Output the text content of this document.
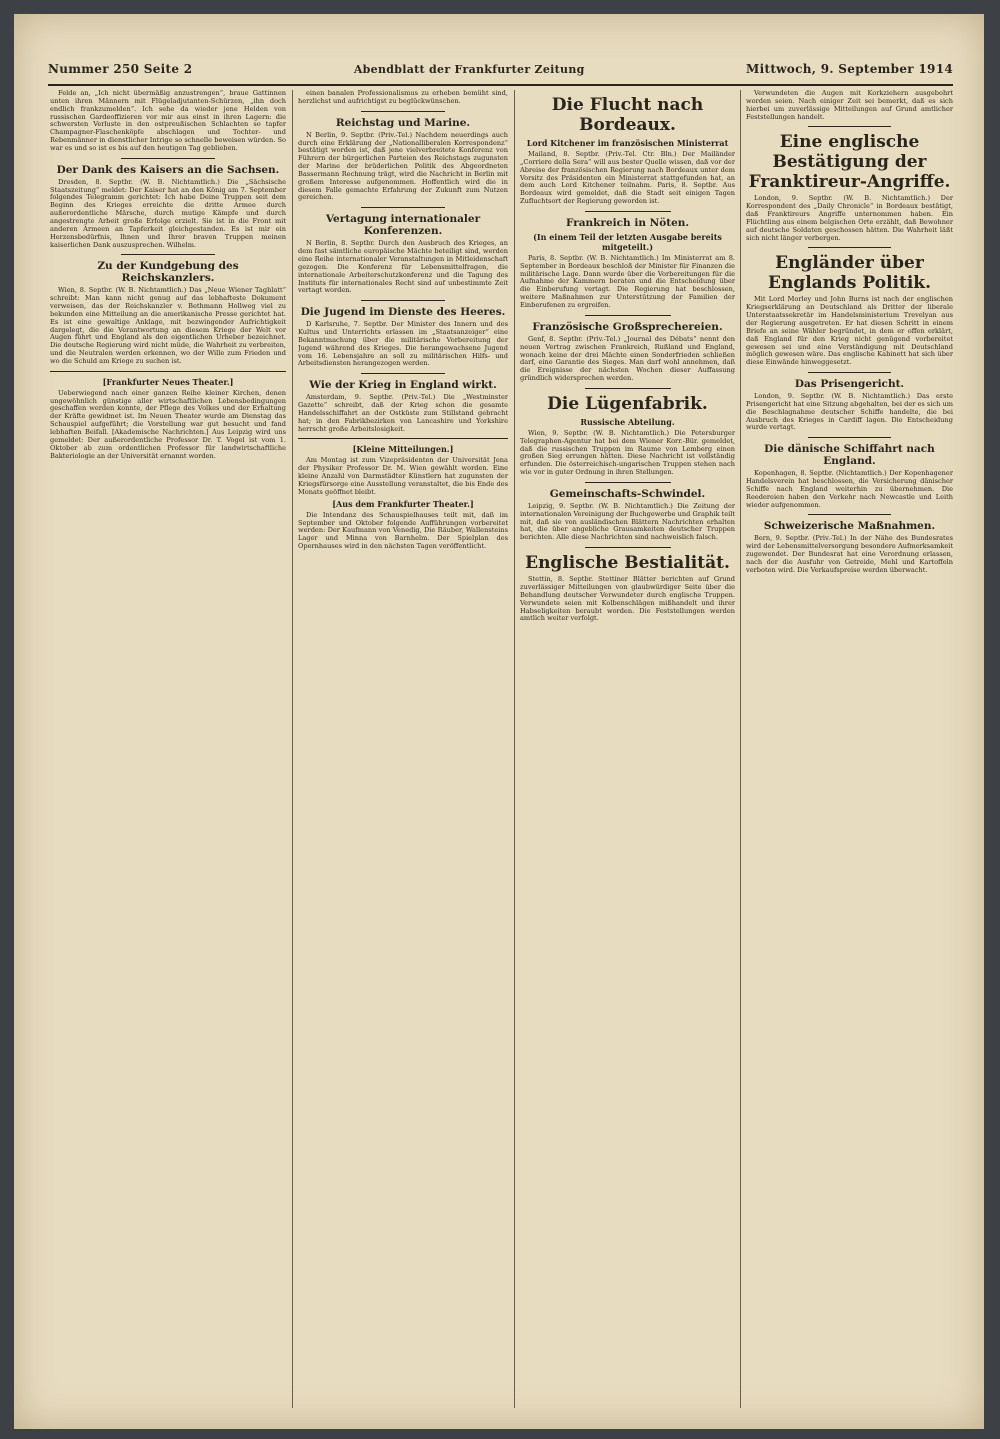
Nummer 250 Seite 2	Abendblatt der Frankfurter Zeitung	Mittwoch, 9. September 1914

Felde an, „Ich nicht übermäßig anzustrengen“, braue Gattinnen unten ihren Männern mit Flügeladjutanten-Schürzen, „ihn doch endlich frankzumelden“. Ich sehe da wieder jene Helden von russischen Gardeoffizieren vor mir aus einst in ihren Lagern: die schwersten Verluste in den ostpreußischen Schlachten so tapfer Champagner-Flaschenköpfe abschlagen und Tochter- und Rebenmänner in dienstlicher Intrige so schnelle beweisen würden. So war es und so ist es bis auf den heutigen Tag geblieben.

Der Dank des Kaisers an die Sachsen.

Dresden, 8. Septbr. (W. B. Nichtamtlich.) Die „Sächsische Staatszeitung“ meldet: Der Kaiser hat an den König am 7. September folgendes Telegramm gerichtet: Ich habe Deine Truppen seit dem Beginn des Krieges erreichte die dritte Armee durch außerordentliche Märsche, durch mutige Kämpfe und durch angestrengte Arbeit große Erfolge erzielt. Sie ist in die Front mit anderen Armeen an Tapferkeit gleichgestanden. Es ist mir ein Herzensbedürfnis, Ihnen und Ihrer braven Truppen meinen kaiserlichen Dank auszusprechen. Wilhelm.

Zu der Kundgebung des Reichskanzlers.

Wien, 8. Septbr. (W. B. Nichtamtlich.) Das „Neue Wiener Tagblatt“ schreibt: Man kann nicht genug auf das lebhafteste Dokument verweisen, das der Reichskanzler v. Bethmann Hollweg viel zu bekunden eine Mitteilung an die amerikanische Presse gerichtet hat. Es ist eine gewaltige Anklage, mit bezwingender Aufrichtigkeit dargelegt, die die Verantwortung an diesem Kriege der Welt vor Augen führt und England als den eigentlichen Urheber bezeichnet. Die deutsche Regierung wird nicht müde, die Wahrheit zu verbreiten, und die Neutralen werden erkennen, wo der Wille zum Frieden und wo die Schuld am Kriege zu suchen ist.

[Frankfurter Neues Theater.]

Ueberwiegend nach einer ganzen Reihe kleiner Kirchen, denen ungewöhnlich günstige aller wirtschaftlichen Lebensbedingungen geschaffen werden konnte, der Pflege des Volkes und der Erhaltung der Kräfte gewidmet ist. Im Neuen Theater wurde am Dienstag das Schauspiel aufgeführt; die Vorstellung war gut besucht und fand lebhaften Beifall. [Akademische Nachrichten.] Aus Leipzig wird uns gemeldet: Der außerordentliche Professor Dr. T. Vogel ist vom 1. Oktober ab zum ordentlichen Professor für landwirtschaftliche Bakteriologie an der Universität ernannt worden.

einen banalen Professionalismus zu erheben bemüht sind, herzlichst und aufrichtigst zu beglückwünschen.

Reichstag und Marine.

N Berlin, 9. Septbr. (Priv.-Tel.) Nachdem neuerdings auch durch eine Erklärung der „Nationalliberalen Korrespondenz“ bestätigt worden ist, daß jene vielverbreitete Konferenz von Führern der bürgerlichen Parteien des Reichstags zugunsten der Marine der brüderlichen Politik des Abgeordneten Bassermann Rechnung trägt, wird die Nachricht in Berlin mit großem Interesse aufgenommen. Hoffentlich wird die in diesem Falle gemachte Erfahrung der Zukunft zum Nutzen gereichen.

Vertagung internationaler Konferenzen.

N Berlin, 8. Septbr. Durch den Ausbruch des Krieges, an dem fast sämtliche europäische Mächte beteiligt sind, werden eine Reihe internationaler Veranstaltungen in Mitleidenschaft gezogen. Die Konferenz für Lebensmittelfragen, die internationale Arbeiterschutzkonferenz und die Tagung des Instituts für internationales Recht sind auf unbestimmte Zeit vertagt worden.

Die Jugend im Dienste des Heeres.

D Karlsruhe, 7. Septbr. Der Minister des Innern und des Kultus und Unterrichts erlassen im „Staatsanzeiger“ eine Bekanntmachung über die militärische Vorbereitung der Jugend während des Krieges. Die herangewachsene Jugend vom 16. Lebensjahre an soll zu militärischen Hilfs- und Arbeitsdiensten herangezogen werden.

Wie der Krieg in England wirkt.

Amsterdam, 9. Septbr. (Priv.-Tel.) Die „Westminster Gazette“ schreibt, daß der Krieg schon die gesamte Handelsschiffahrt an der Ostküste zum Stillstand gebracht hat; in den Fabrikbezirken von Lancashire und Yorkshire herrscht große Arbeitslosigkeit.

[Kleine Mitteilungen.]

Am Montag ist zum Vizepräsidenten der Universität Jena der Physiker Professor Dr. M. Wien gewählt worden. Eine kleine Anzahl von Darmstädter Künstlern hat zugunsten der Kriegsfürsorge eine Ausstellung veranstaltet, die bis Ende des Monats geöffnet bleibt.

[Aus dem Frankfurter Theater.]

Die Intendanz des Schauspielhauses teilt mit, daß im September und Oktober folgende Aufführungen vorbereitet werden: Der Kaufmann von Venedig, Die Räuber, Wallensteins Lager und Minna von Barnhelm. Der Spielplan des Opernhauses wird in den nächsten Tagen veröffentlicht.

Die Flucht nach Bordeaux.
Lord Kitchener im französischen Ministerrat

Mailand, 8. Septbr. (Priv.-Tel. Ctr. Bln.) Der Mailänder „Corriere della Sera“ will aus bester Quelle wissen, daß vor der Abreise der französischen Regierung nach Bordeaux unter dem Vorsitz des Präsidenten ein Ministerrat stattgefunden hat, an dem auch Lord Kitchener teilnahm. Paris, 8. Septbr. Aus Bordeaux wird gemeldet, daß die Stadt seit einigen Tagen Zufluchtsort der Regierung geworden ist.

Frankreich in Nöten.
(In einem Teil der letzten Ausgabe bereits mitgeteilt.)

Paris, 8. Septbr. (W. B. Nichtamtlich.) Im Ministerrat am 8. September in Bordeaux beschloß der Minister für Finanzen die militärische Lage. Dann wurde über die Vorbereitungen für die Aufnahme der Kammern beraten und die Entscheidung über die Einberufung vertagt. Die Regierung hat beschlossen, weitere Maßnahmen zur Unterstützung der Familien der Einberufenen zu ergreifen.

Französische Großsprechereien.

Genf, 8. Septbr. (Priv.-Tel.) „Journal des Débats“ nennt den neuen Vertrag zwischen Frankreich, Rußland und England, wonach keine der drei Mächte einen Sonderfrieden schließen darf, eine Garantie des Sieges. Man darf wohl annehmen, daß die Ereignisse der nächsten Wochen dieser Auffassung gründlich widersprechen werden.

Die Lügenfabrik.
Russische Abteilung.

Wien, 9. Septbr. (W. B. Nichtamtlich.) Die Petersburger Telegraphen-Agentur hat bei dem Wiener Korr.-Bür. gemeldet, daß die russischen Truppen im Raume von Lemberg einen großen Sieg errungen hätten. Diese Nachricht ist vollständig erfunden. Die österreichisch-ungarischen Truppen stehen nach wie vor in guter Ordnung in ihren Stellungen.

Gemeinschafts-Schwindel.

Leipzig, 9. Septbr. (W. B. Nichtamtlich.) Die Zeitung der internationalen Vereinigung der Buchgewerbe und Graphik teilt mit, daß sie von ausländischen Blättern Nachrichten erhalten hat, die über angebliche Grausamkeiten deutscher Truppen berichten. Alle diese Nachrichten sind nachweislich falsch.

Englische Bestialität.

Stettin, 8. Septbr. Stettiner Blätter berichten auf Grund zuverlässiger Mitteilungen von glaubwürdiger Seite über die Behandlung deutscher Verwundeter durch englische Truppen. Verwundete seien mit Kolbenschlägen mißhandelt und ihrer Habseligkeiten beraubt worden. Die Feststellungen werden amtlich weiter verfolgt.

Verwundeten die Augen mit Korkziehern ausgebohrt worden seien. Nach einiger Zeit sei bemerkt, daß es sich hierbei um zuverlässige Mitteilungen auf Grund amtlicher Feststellungen handelt.

Eine englische Bestätigung der Franktireur-Angriffe.

London, 9. Septbr. (W. B. Nichtamtlich.) Der Korrespondent des „Daily Chronicle“ in Bordeaux bestätigt, daß Franktireurs Angriffe unternommen haben. Ein Flüchtling aus einem belgischen Orte erzählt, daß Bewohner auf deutsche Soldaten geschossen hätten. Die Wahrheit läßt sich nicht länger verbergen.

Engländer über Englands Politik.

Mit Lord Morley und John Burns ist nach der englischen Kriegserklärung an Deutschland als Dritter der liberale Unterstaatssekretär im Handelsministerium Trevelyan aus der Regierung ausgetreten. Er hat diesen Schritt in einem Briefe an seine Wähler begründet, in dem er offen erklärt, daß England für den Krieg nicht genügend vorbereitet gewesen sei und eine Verständigung mit Deutschland möglich gewesen wäre. Das englische Kabinett hat sich über diese Einwände hinweggesetzt.

Das Prisengericht.

London, 9. Septbr. (W. B. Nichtamtlich.) Das erste Prisengericht hat eine Sitzung abgehalten, bei der es sich um die Beschlagnahme deutscher Schiffe handelte, die bei Ausbruch des Krieges in Cardiff lagen. Die Entscheidung wurde vertagt.

Die dänische Schiffahrt nach England.

Kopenhagen, 8. Septbr. (Nichtamtlich.) Der Kopenhagener Handelsverein hat beschlossen, die Versicherung dänischer Schiffe nach England weiterhin zu übernehmen. Die Reedereien haben den Verkehr nach Newcastle und Leith wieder aufgenommen.

Schweizerische Maßnahmen.

Bern, 9. Septbr. (Priv.-Tel.) In der Nähe des Bundesrates wird der Lebensmittelversorgung besondere Aufmerksamkeit zugewendet. Der Bundesrat hat eine Verordnung erlassen, nach der die Ausfuhr von Getreide, Mehl und Kartoffeln verboten wird. Die Verkaufspreise werden überwacht.
